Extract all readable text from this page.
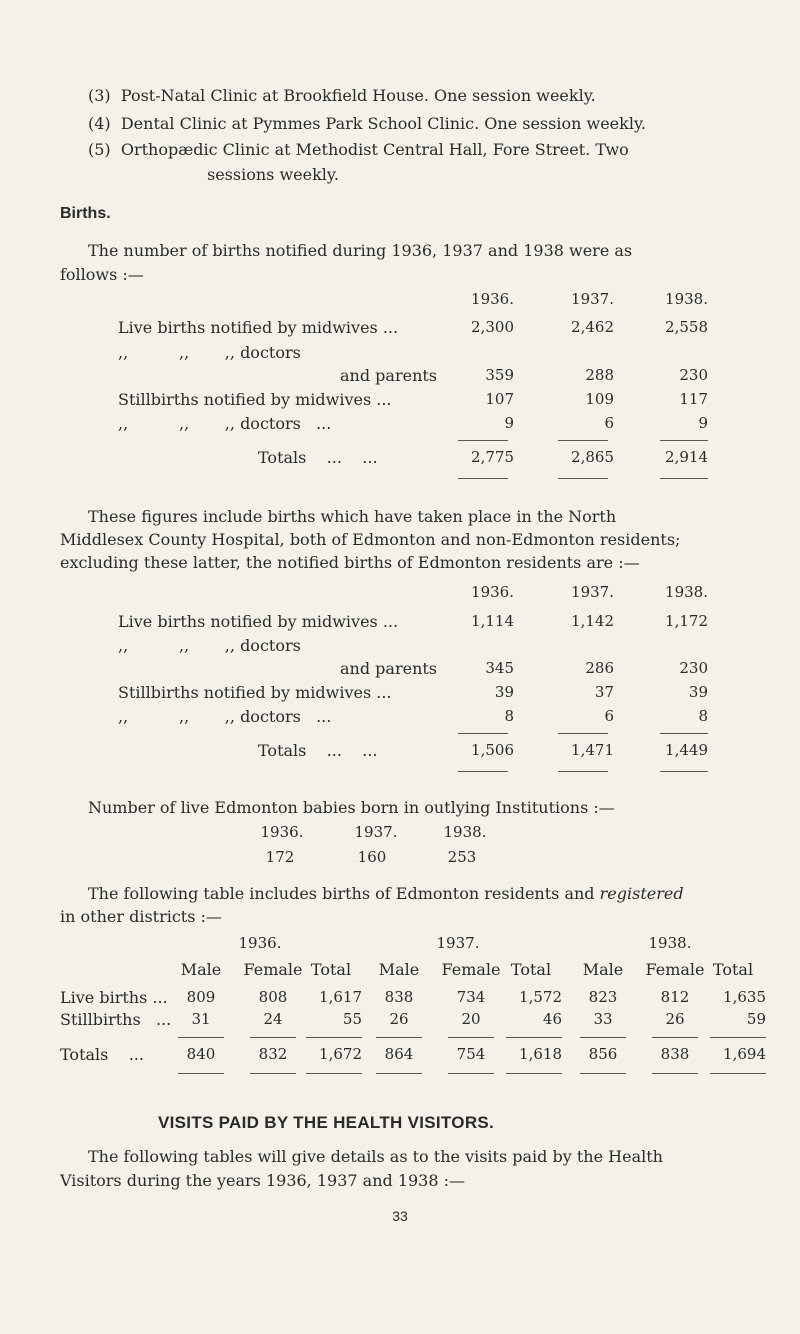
(3) Post-Natal Clinic at Brookfield House. One session weekly.
(4) Dental Clinic at Pymmes Park School Clinic. One session weekly.
(5) Orthopædic Clinic at Methodist Central Hall, Fore Street. Two
sessions weekly.
Births.
The number of births notified during 1936, 1937 and 1938 were as
follows :—
1936.	1937.	1938.
Live births notified by midwives ...	2,300	2,462	2,558
,,          ,,       ,, doctors
and parents	359	288	230
Stillbirths notified by midwives ...	107	109	117
,,          ,,       ,, doctors   ...	9	6	9
Totals    ...    ...	2,775	2,865	2,914
These figures include births which have taken place in the North
Middlesex County Hospital, both of Edmonton and non-Edmonton residents;
excluding these latter, the notified births of Edmonton residents are :—
1936.	1937.	1938.
Live births notified by midwives ...	1,114	1,142	1,172
,,          ,,       ,, doctors
and parents	345	286	230
Stillbirths notified by midwives ...	39	37	39
,,          ,,       ,, doctors   ...	8	6	8
Totals    ...    ...	1,506	1,471	1,449
Number of live Edmonton babies born in outlying Institutions :—
1936.	1937.	1938.
172	160	253
The following table includes births of Edmonton residents and registered
in other districts :—
1936.	1937.	1938.
Male	Female Total	Male	Female Total	Male	Female Total
Live births ...	809	808	1,617	838	734	1,572	823	812	1,635
Stillbirths   ...	31	24	55	26	20	46	33	26	59
Totals    ...	840	832	1,672	864	754	1,618	856	838	1,694
VISITS PAID BY THE HEALTH VISITORS.
The following tables will give details as to the visits paid by the Health
Visitors during the years 1936, 1937 and 1938 :—
33
